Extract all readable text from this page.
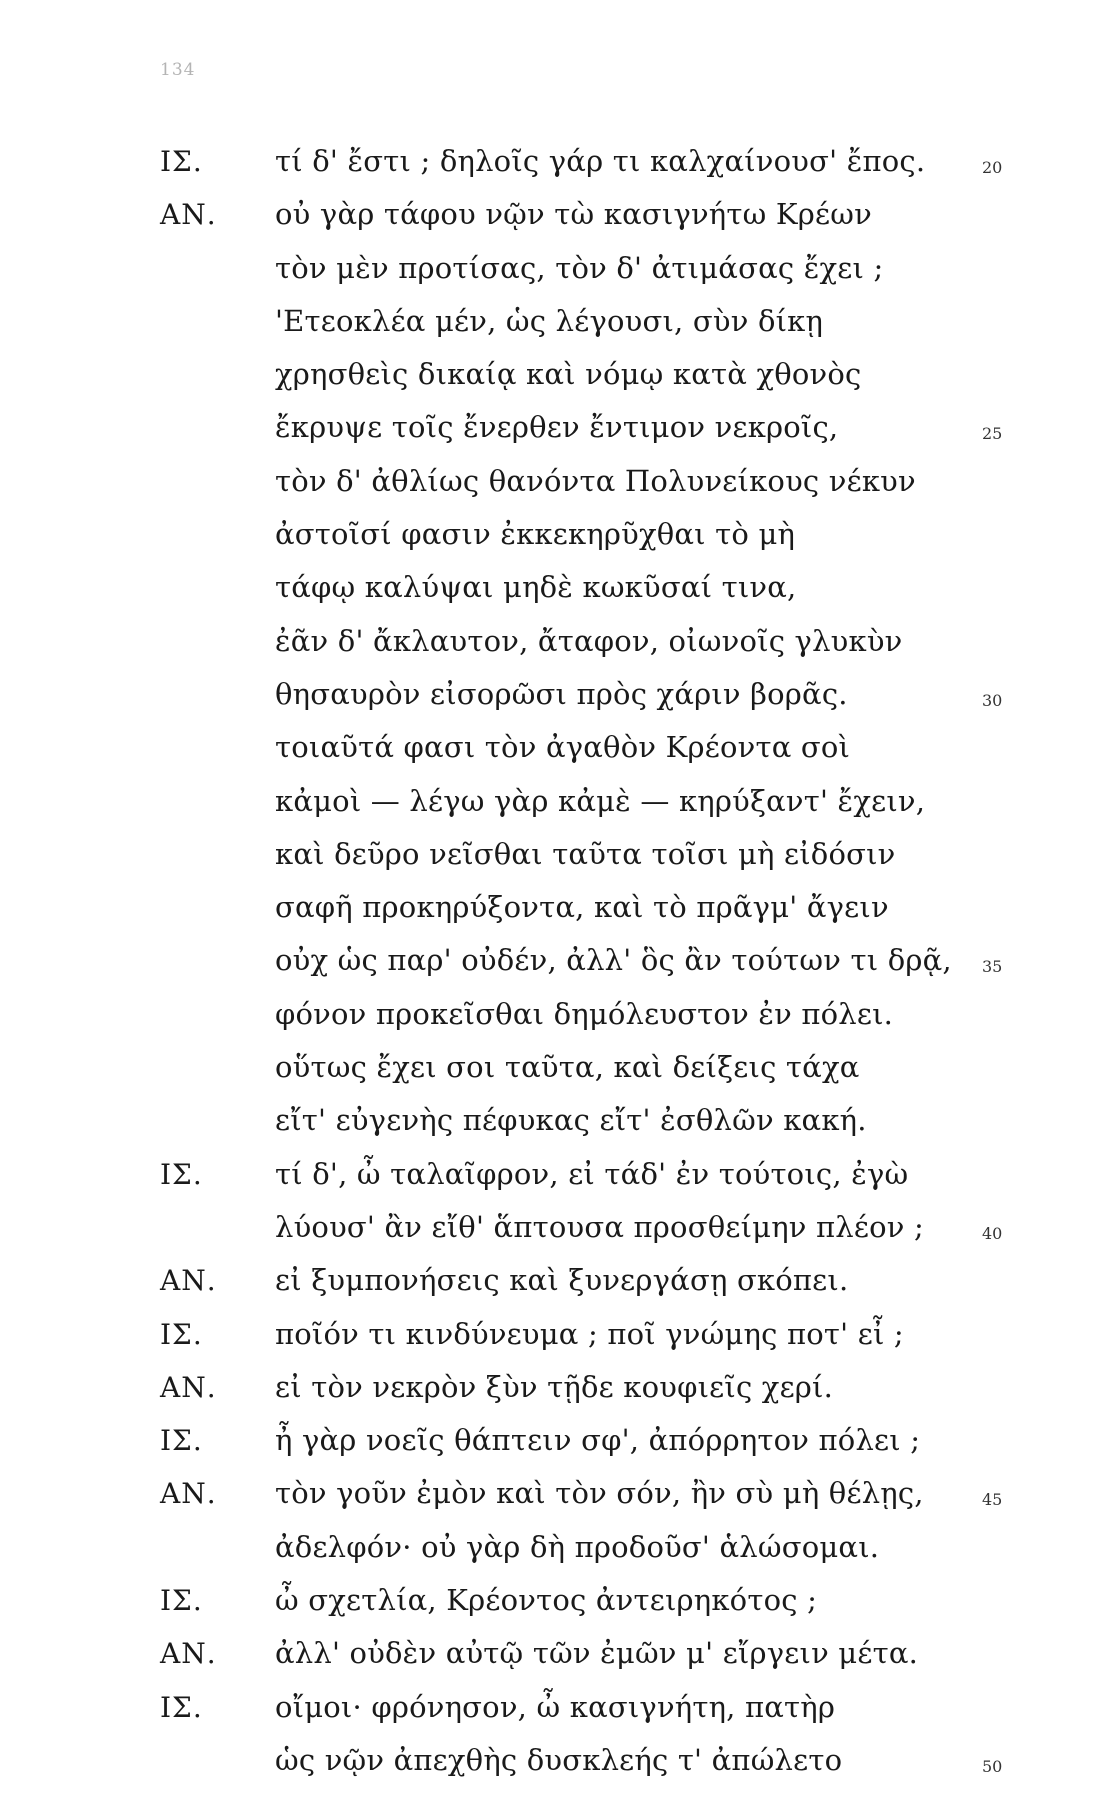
134
ΙΣ. τί δ' ἔστι ; δηλοῖς γάρ τι καλχαίνουσ' ἔπος.	20
ΑΝ. οὐ γὰρ τάφου νῷν τὼ κασιγνήτω Κρέων
τὸν μὲν προτίσας, τὸν δ' ἀτιμάσας ἔχει ;
'Ετεοκλέα μέν, ὡς λέγουσι, σὺν δίκῃ
χρησθεὶς δικαίᾳ καὶ νόμῳ κατὰ χθονὸς
ἔκρυψε τοῖς ἔνερθεν ἔντιμον νεκροῖς,	25
τὸν δ' ἀθλίως θανόντα Πολυνείκους νέκυν
ἀστοῖσί φασιν ἐκκεκηρῦχθαι τὸ μὴ
τάφῳ καλύψαι μηδὲ κωκῦσαί τινα,
ἐᾶν δ' ἄκλαυτον, ἄταφον, οἰωνοῖς γλυκὺν
θησαυρὸν εἰσορῶσι πρὸς χάριν βορᾶς.	30
τοιαῦτά φασι τὸν ἀγαθὸν Κρέοντα σοὶ
κἀμοὶ — λέγω γὰρ κἀμὲ — κηρύξαντ' ἔχειν,
καὶ δεῦρο νεῖσθαι ταῦτα τοῖσι μὴ εἰδόσιν
σαφῆ προκηρύξοντα, καὶ τὸ πρᾶγμ' ἄγειν
οὐχ ὡς παρ' οὐδέν, ἀλλ' ὃς ἂν τούτων τι δρᾷ, 35
φόνον προκεῖσθαι δημόλευστον ἐν πόλει.
οὕτως ἔχει σοι ταῦτα, καὶ δείξεις τάχα
εἴτ' εὐγενὴς πέφυκας εἴτ' ἐσθλῶν κακή.
ΙΣ. τί δ', ὦ ταλαῖφρον, εἰ τάδ' ἐν τούτοις, ἐγὼ
λύουσ' ἂν εἴθ' ἅπτουσα προσθείμην πλέον ;	40
ΑΝ. εἰ ξυμπονήσεις καὶ ξυνεργάσῃ σκόπει.
ΙΣ. ποῖόν τι κινδύνευμα ; ποῖ γνώμης ποτ' εἶ ;
ΑΝ. εἰ τὸν νεκρὸν ξὺν τῇδε κουφιεῖς χερί.
ΙΣ. ἦ γὰρ νοεῖς θάπτειν σφ', ἀπόρρητον πόλει ;
ΑΝ. τὸν γοῦν ἐμὸν καὶ τὸν σόν, ἢν σὺ μὴ θέλῃς,	45
ἀδελφόν· οὐ γὰρ δὴ προδοῦσ' ἁλώσομαι.
ΙΣ. ὦ σχετλία, Κρέοντος ἀντειρηκότος ;
ΑΝ. ἀλλ' οὐδὲν αὐτῷ τῶν ἐμῶν μ' εἴργειν μέτα.
ΙΣ. οἴμοι· φρόνησον, ὦ κασιγνήτη, πατὴρ
ὡς νῷν ἀπεχθὴς δυσκλεής τ' ἀπώλετο	50
